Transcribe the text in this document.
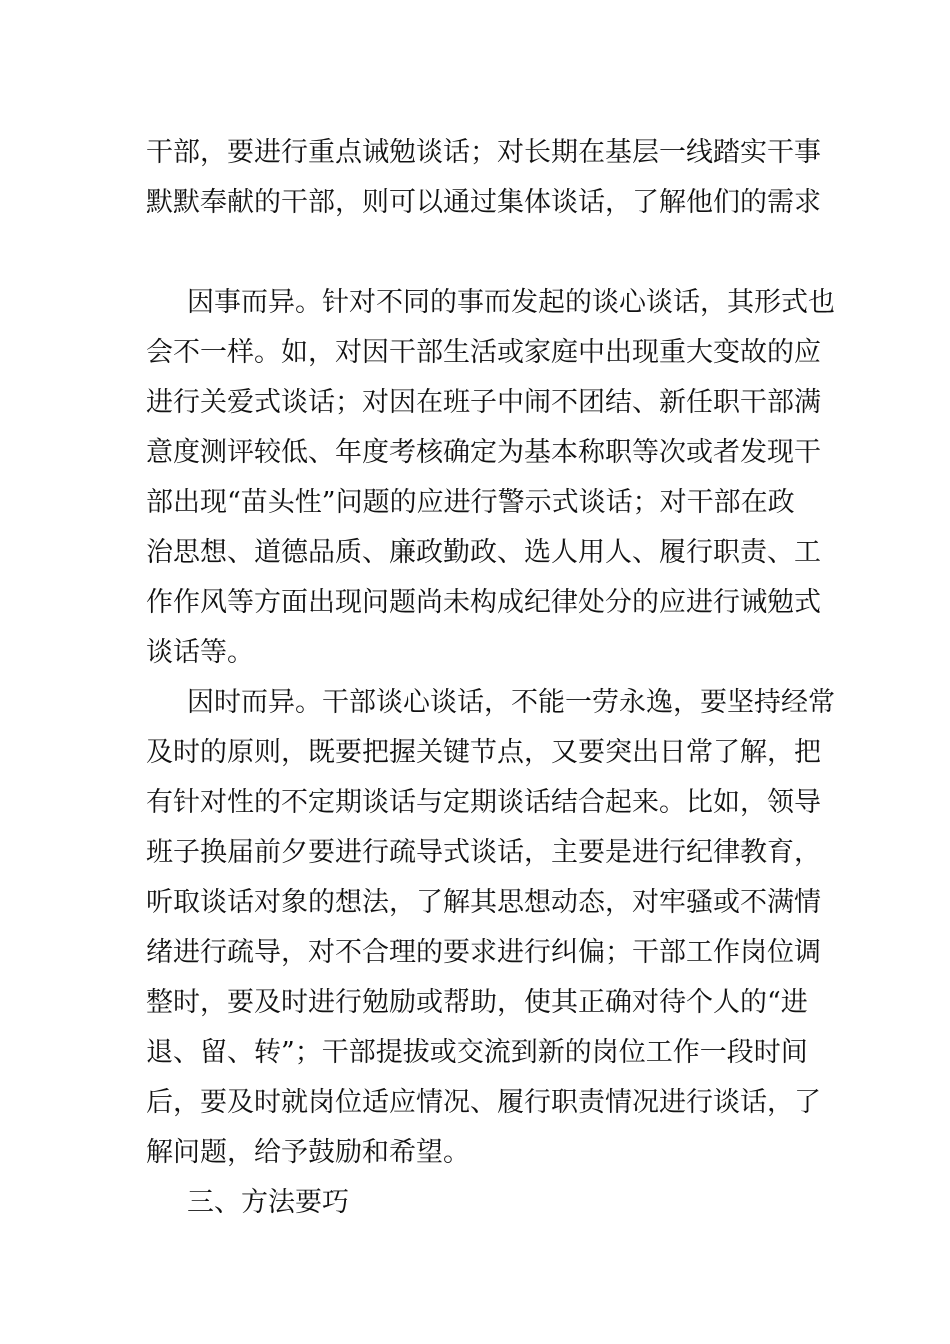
干部，要进行重点诫勉谈话；对长期在基层一线踏实干事
默默奉献的干部，则可以通过集体谈话，了解他们的需求
因事而异。针对不同的事而发起的谈心谈话，其形式也
会不一样。如，对因干部生活或家庭中出现重大变故的应
进行关爱式谈话；对因在班子中闹不团结、新任职干部满
意度测评较低、年度考核确定为基本称职等次或者发现干
部出现“苗头性”问题的应进行警示式谈话；对干部在政
治思想、道德品质、廉政勤政、选人用人、履行职责、工
作作风等方面出现问题尚未构成纪律处分的应进行诫勉式
谈话等。
因时而异。干部谈心谈话，不能一劳永逸，要坚持经常
及时的原则，既要把握关键节点，又要突出日常了解，把
有针对性的不定期谈话与定期谈话结合起来。比如，领导
班子换届前夕要进行疏导式谈话，主要是进行纪律教育，
听取谈话对象的想法，了解其思想动态，对牢骚或不满情
绪进行疏导，对不合理的要求进行纠偏；干部工作岗位调
整时，要及时进行勉励或帮助，使其正确对待个人的“进
退、留、转”；干部提拔或交流到新的岗位工作一段时间
后，要及时就岗位适应情况、履行职责情况进行谈话，了
解问题，给予鼓励和希望。
三、方法要巧
